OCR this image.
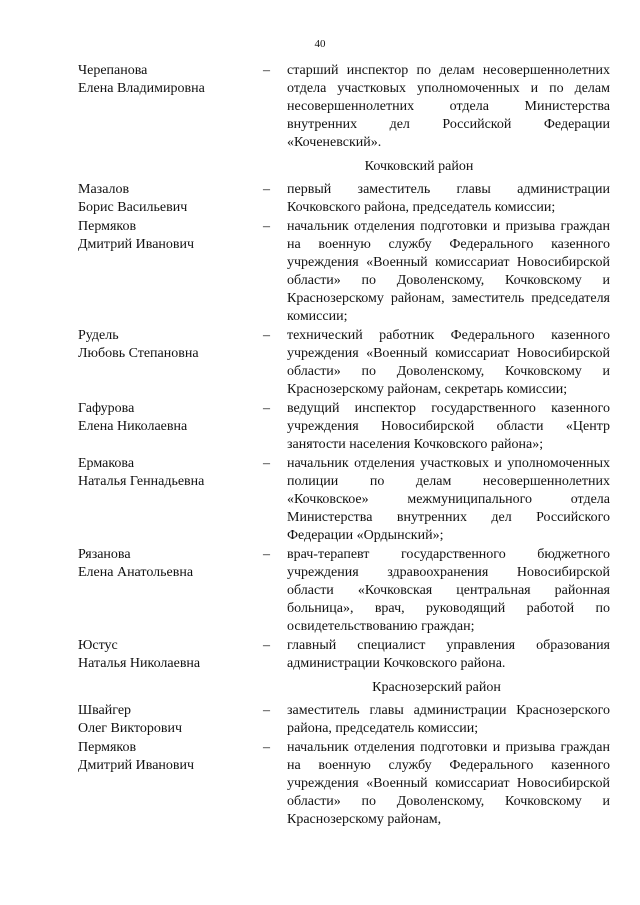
40
Черепанова
Елена Владимировна
–	старший инспектор по делам несовершеннолетних отдела участковых уполномоченных и по делам несовершеннолетних отдела Министерства внутренних дел Российской Федерации «Коченевский».
Кочковский район
Мазалов
Борис Васильевич
–	первый заместитель главы администрации Кочковского района, председатель комиссии;
Пермяков
Дмитрий Иванович
–	начальник отделения подготовки и призыва граждан на военную службу Федерального казенного учреждения «Военный комиссариат Новосибирской области» по Доволенскому, Кочковскому и Краснозерскому районам, заместитель председателя комиссии;
Рудель
Любовь Степановна
–	технический работник Федерального казенного учреждения «Военный комиссариат Новосибирской области» по Доволенскому, Кочковскому и Краснозерскому районам, секретарь комиссии;
Гафурова
Елена Николаевна
–	ведущий инспектор государственного казенного учреждения Новосибирской области «Центр занятости населения Кочковского района»;
Ермакова
Наталья Геннадьевна
–	начальник отделения участковых и уполномоченных полиции по делам несовершеннолетних «Кочковское» межмуниципального отдела Министерства внутренних дел Российского Федерации «Ордынский»;
Рязанова
Елена Анатольевна
–	врач-терапевт государственного бюджетного учреждения здравоохранения Новосибирской области «Кочковская центральная районная больница», врач, руководящий работой по освидетельствованию граждан;
Юстус
Наталья Николаевна
–	главный специалист управления образования администрации Кочковского района.
Краснозерский район
Швайгер
Олег Викторович
–	заместитель главы администрации Краснозерского района, председатель комиссии;
Пермяков
Дмитрий Иванович
–	начальник отделения подготовки и призыва граждан на военную службу Федерального казенного учреждения «Военный комиссариат Новосибирской области» по Доволенскому, Кочковскому и Краснозерскому районам,
